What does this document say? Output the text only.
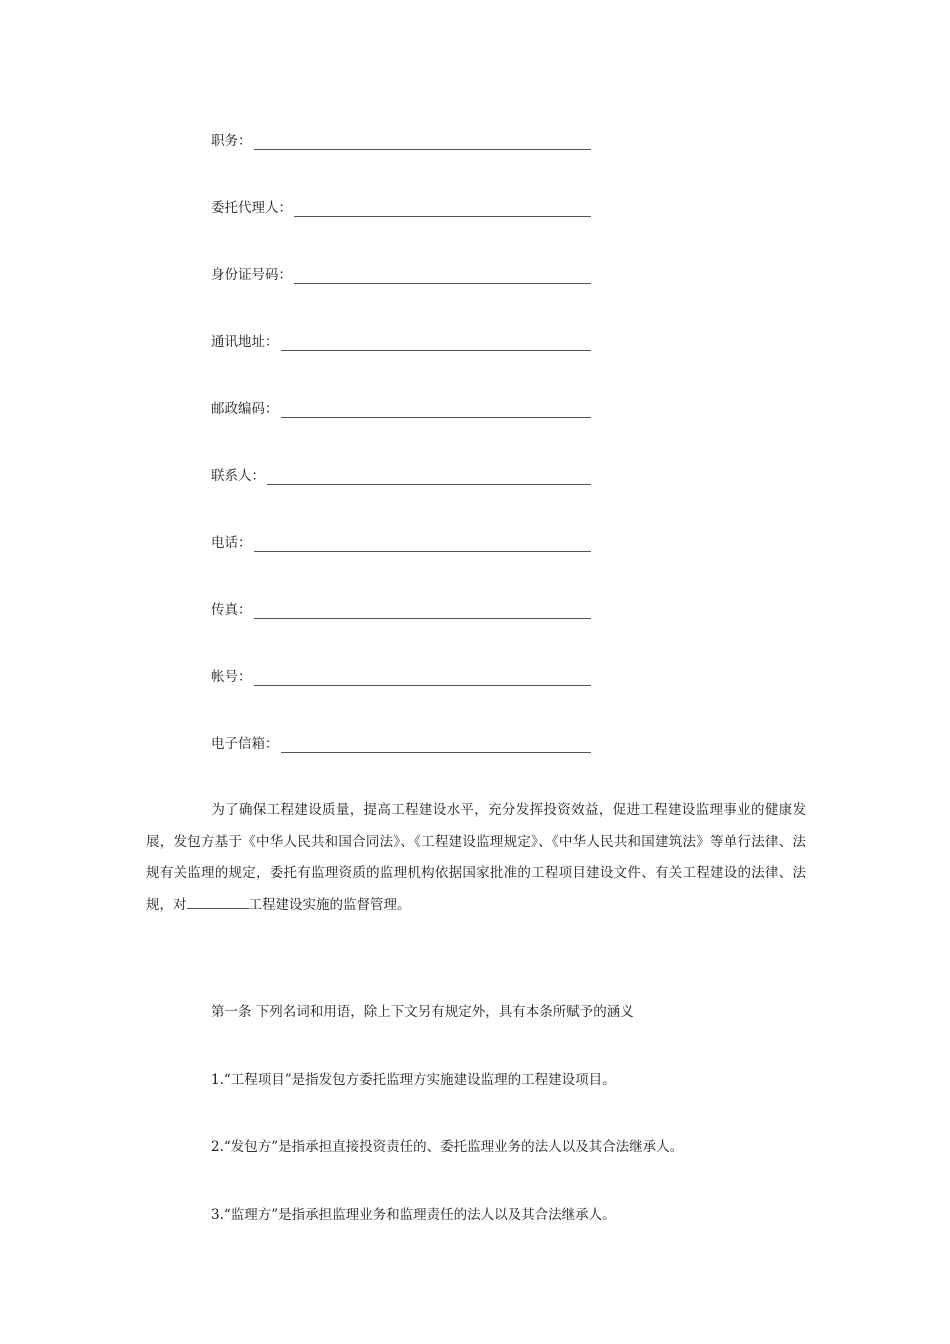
职务：
委托代理人：
身份证号码：
通讯地址：
邮政编码：
联系人：
电话：
传真：
帐号：
电子信箱：
为了确保工程建设质量，提高工程建设水平，充分发挥投资效益，促进工程建设监理事业的健康发展，发包方基于《中华人民共和国合同法》、《工程建设监理规定》、《中华人民共和国建筑法》等单行法律、法规有关监理的规定，委托有监理资质的监理机构依据国家批准的工程项目建设文件、有关工程建设的法律、法规，对	工程建设实施的监督管理。
第一条 下列名词和用语，除上下文另有规定外，具有本条所赋予的涵义
1.“工程项目”是指发包方委托监理方实施建设监理的工程建设项目。
2.“发包方”是指承担直接投资责任的、委托监理业务的法人以及其合法继承人。
3.“监理方”是指承担监理业务和监理责任的法人以及其合法继承人。
